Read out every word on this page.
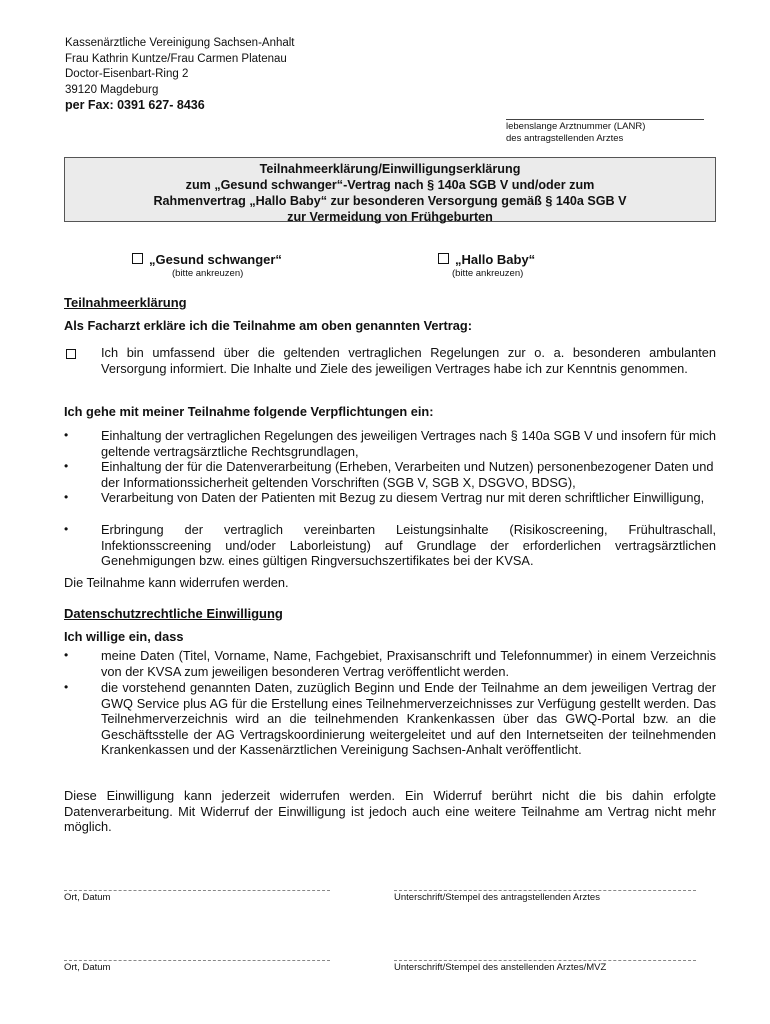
Kassenärztliche Vereinigung Sachsen-Anhalt
Frau Kathrin Kuntze/Frau Carmen Platenau
Doctor-Eisenbart-Ring 2
39120 Magdeburg
per Fax: 0391 627- 8436
lebenslange Arztnummer (LANR)
des antragstellenden Arztes
Teilnahmeerklärung/Einwilligungserklärung
zum „Gesund schwanger“-Vertrag nach § 140a SGB V und/oder zum
Rahmenvertrag „Hallo Baby“ zur besonderen Versorgung gemäß § 140a SGB V
zur Vermeidung von Frühgeburten
„Gesund schwanger“
(bitte ankreuzen)
„Hallo Baby“
(bitte ankreuzen)
Teilnahmeerklärung
Als Facharzt erkläre ich die Teilnahme am oben genannten Vertrag:
Ich bin umfassend über die geltenden vertraglichen Regelungen zur o. a. besonderen ambulanten Versorgung informiert. Die Inhalte und Ziele des jeweiligen Vertrages habe ich zur Kenntnis genommen.
Ich gehe mit meiner Teilnahme folgende Verpflichtungen ein:
•	Einhaltung der vertraglichen Regelungen des jeweiligen Vertrages nach § 140a SGB V und insofern für mich geltende vertragsärztliche Rechtsgrundlagen,
•	Einhaltung der für die Datenverarbeitung (Erheben, Verarbeiten und Nutzen) personenbezogener Daten und der Informationssicherheit geltenden Vorschriften (SGB V, SGB X, DSGVO, BDSG),
•	Verarbeitung von Daten der Patienten mit Bezug zu diesem Vertrag nur mit deren schriftlicher Einwilligung,
•	Erbringung der vertraglich vereinbarten Leistungsinhalte (Risikoscreening, Frühultraschall, Infektionsscreening und/oder Laborleistung) auf Grundlage der erforderlichen vertragsärztlichen Genehmigungen bzw. eines gültigen Ringversuchszertifikates bei der KVSA.
Die Teilnahme kann widerrufen werden.
Datenschutzrechtliche Einwilligung
Ich willige ein, dass
•	meine Daten (Titel, Vorname, Name, Fachgebiet, Praxisanschrift und Telefonnummer) in einem Verzeichnis von der KVSA zum jeweiligen besonderen Vertrag veröffentlicht werden.
•	die vorstehend genannten Daten, zuzüglich Beginn und Ende der Teilnahme an dem jeweiligen Vertrag der GWQ Service plus AG für die Erstellung eines Teilnehmerverzeichnisses zur Verfügung gestellt werden. Das Teilnehmerverzeichnis wird an die teilnehmenden Krankenkassen über das GWQ-Portal bzw. an die Geschäftsstelle der AG Vertragskoordinierung weitergeleitet und auf den Internetseiten der teilnehmenden Krankenkassen und der Kassenärztlichen Vereinigung Sachsen-Anhalt veröffentlicht.
Diese Einwilligung kann jederzeit widerrufen werden. Ein Widerruf berührt nicht die bis dahin erfolgte Datenverarbeitung. Mit Widerruf der Einwilligung ist jedoch auch eine weitere Teilnahme am Vertrag nicht mehr möglich.
Ort, Datum	Unterschrift/Stempel des antragstellenden Arztes
Ort, Datum	Unterschrift/Stempel des anstellenden Arztes/MVZ
